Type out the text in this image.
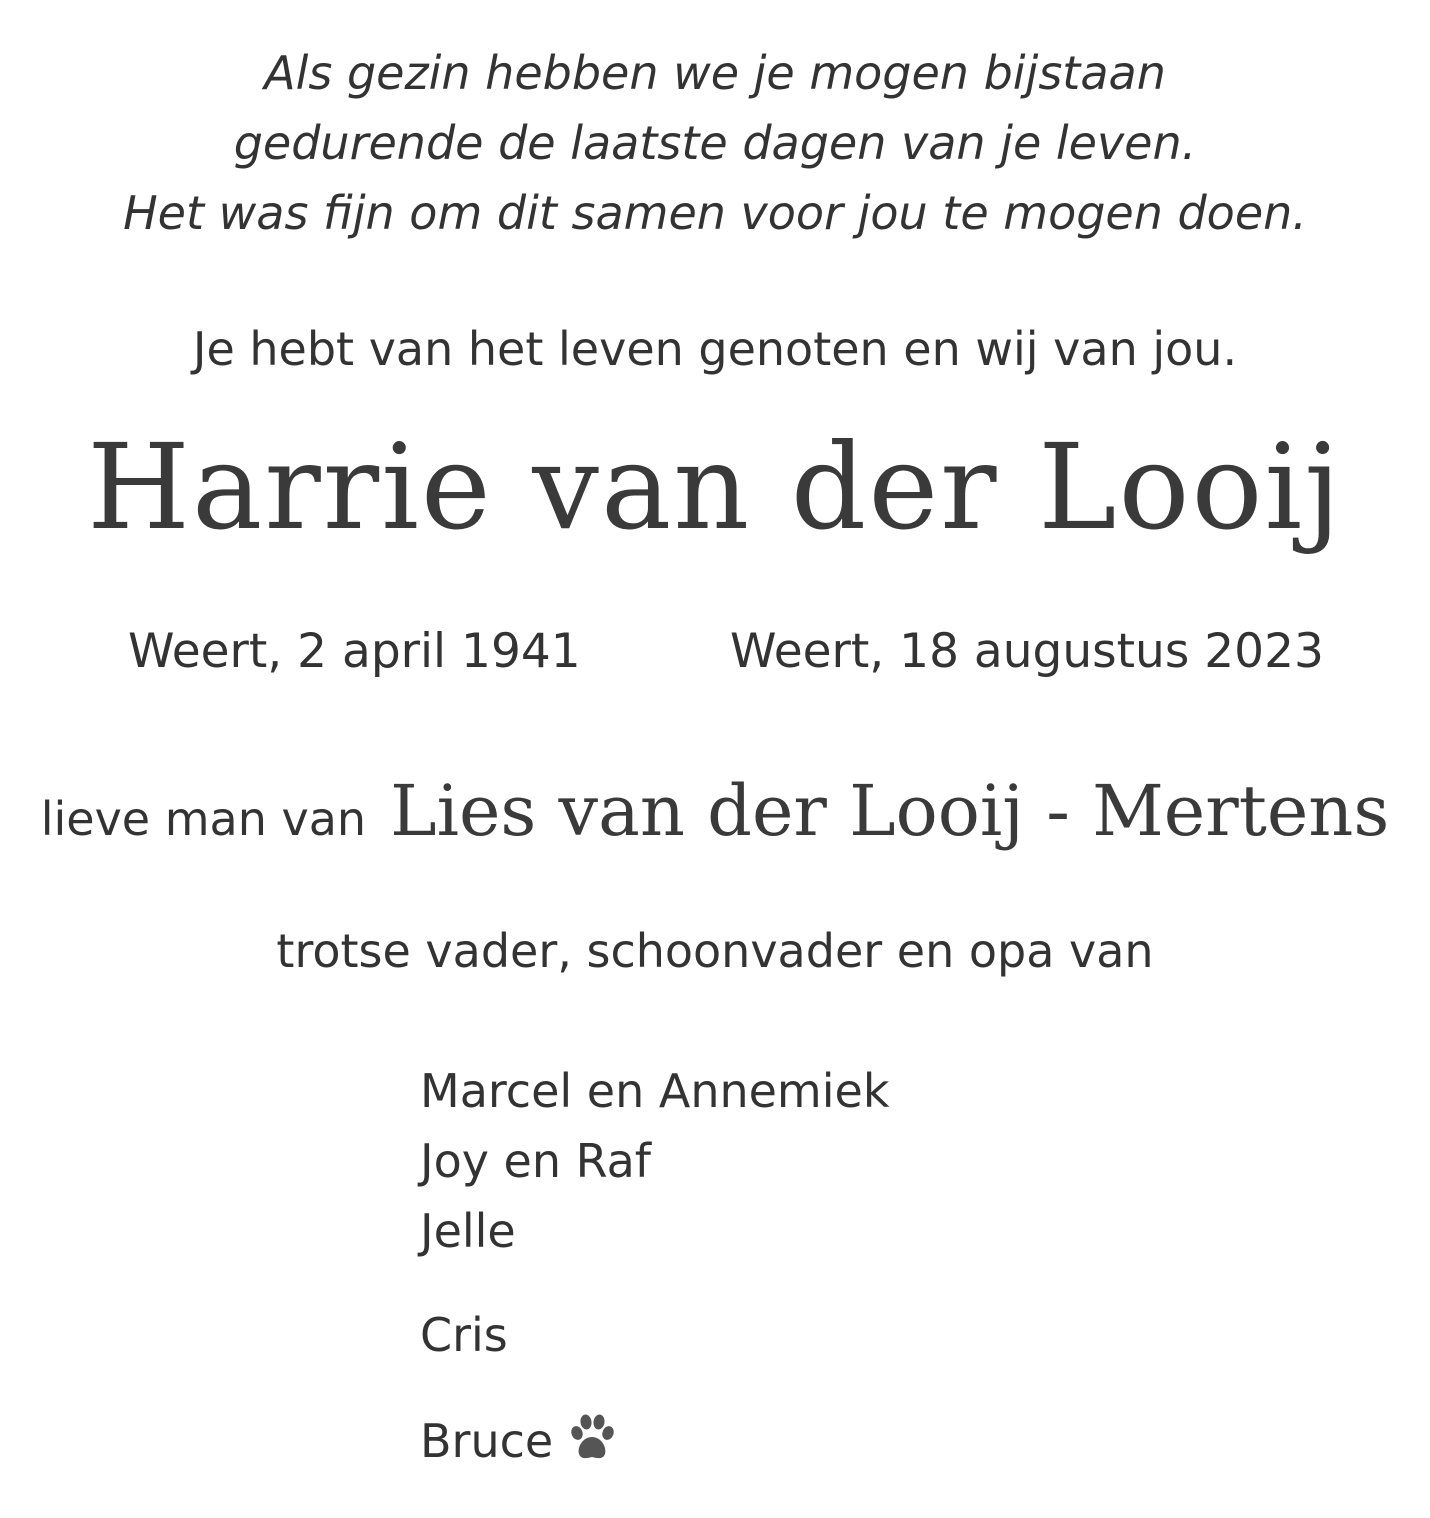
Als gezin hebben we je mogen bijstaan
gedurende de laatste dagen van je leven.
Het was fijn om dit samen voor jou te mogen doen.
Je hebt van het leven genoten en wij van jou.
Harrie van der Looij
Weert, 2 april 1941	Weert, 18 augustus 2023
lieve man van Lies van der Looij - Mertens
trotse vader, schoonvader en opa van
Marcel en Annemiek
Joy en Raf
Jelle
Cris
Bruce
